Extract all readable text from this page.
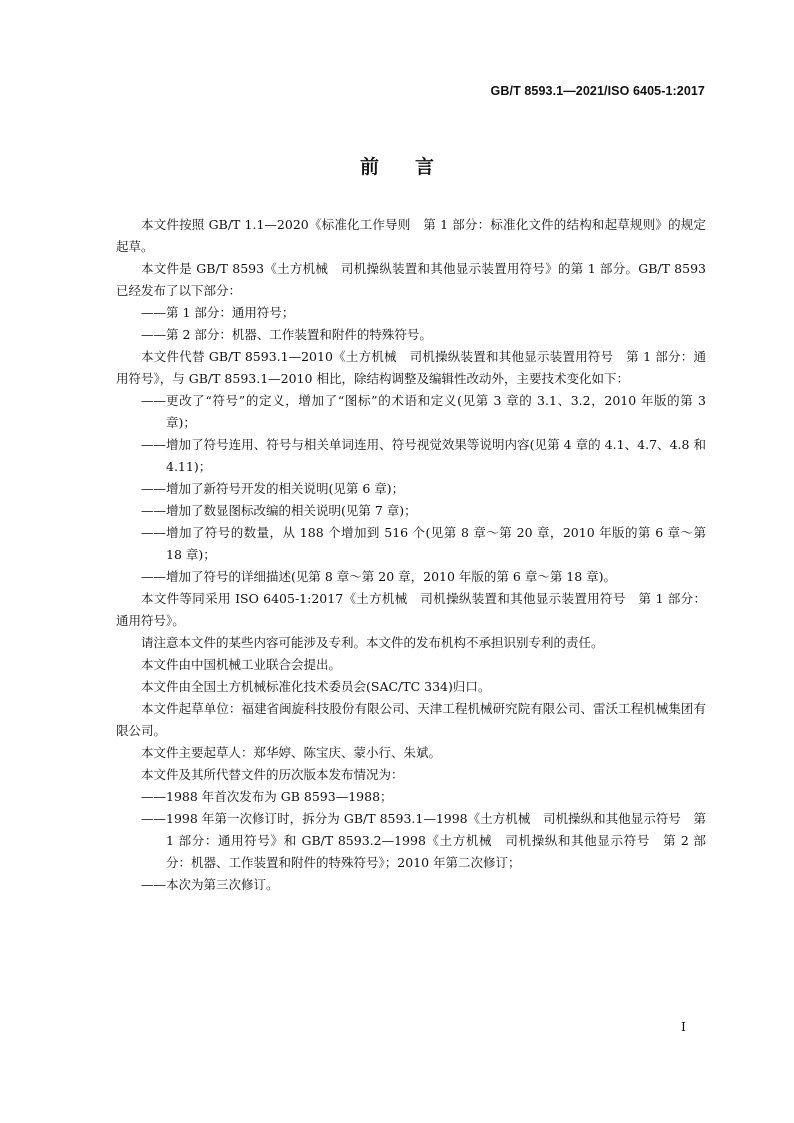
GB/T 8593.1—2021/ISO 6405-1:2017
前言

本文件按照 GB/T 1.1—2020《标准化工作导则　第 1 部分：标准化文件的结构和起草规则》的规定起草。

本文件是 GB/T 8593《土方机械　司机操纵装置和其他显示装置用符号》的第 1 部分。GB/T 8593 已经发布了以下部分：

—— 第 1 部分：通用符号；
—— 第 2 部分：机器、工作装置和附件的特殊符号。

本文件代替 GB/T 8593.1—2010《土方机械　司机操纵装置和其他显示装置用符号　第 1 部分：通用符号》，与 GB/T 8593.1—2010 相比，除结构调整及编辑性改动外，主要技术变化如下：

—— 更改了“符号”的定义，增加了“图标”的术语和定义(见第 3 章的 3.1、3.2，2010 年版的第 3 章)；
—— 增加了符号连用、符号与相关单词连用、符号视觉效果等说明内容(见第 4 章的 4.1、4.7、4.8 和 4.11)；
—— 增加了新符号开发的相关说明(见第 6 章)；
—— 增加了数显图标改编的相关说明(见第 7 章)；
—— 增加了符号的数量，从 188 个增加到 516 个(见第 8 章～第 20 章，2010 年版的第 6 章～第 18 章)；
—— 增加了符号的详细描述(见第 8 章～第 20 章，2010 年版的第 6 章～第 18 章)。

本文件等同采用 ISO 6405-1:2017《土方机械　司机操纵装置和其他显示装置用符号　第 1 部分：通用符号》。

请注意本文件的某些内容可能涉及专利。本文件的发布机构不承担识别专利的责任。

本文件由中国机械工业联合会提出。

本文件由全国土方机械标准化技术委员会(SAC/TC 334)归口。

本文件起草单位：福建省闽旋科技股份有限公司、天津工程机械研究院有限公司、雷沃工程机械集团有限公司。

本文件主要起草人：郑华婷、陈宝庆、蒙小行、朱斌。

本文件及其所代替文件的历次版本发布情况为：

—— 1988 年首次发布为 GB 8593—1988；
—— 1998 年第一次修订时，拆分为 GB/T 8593.1—1998《土方机械　司机操纵和其他显示符号　第 1 部分：通用符号》和 GB/T 8593.2—1998《土方机械　司机操纵和其他显示符号　第 2 部分：机器、工作装置和附件的特殊符号》；2010 年第二次修订；
—— 本次为第三次修订。
I
